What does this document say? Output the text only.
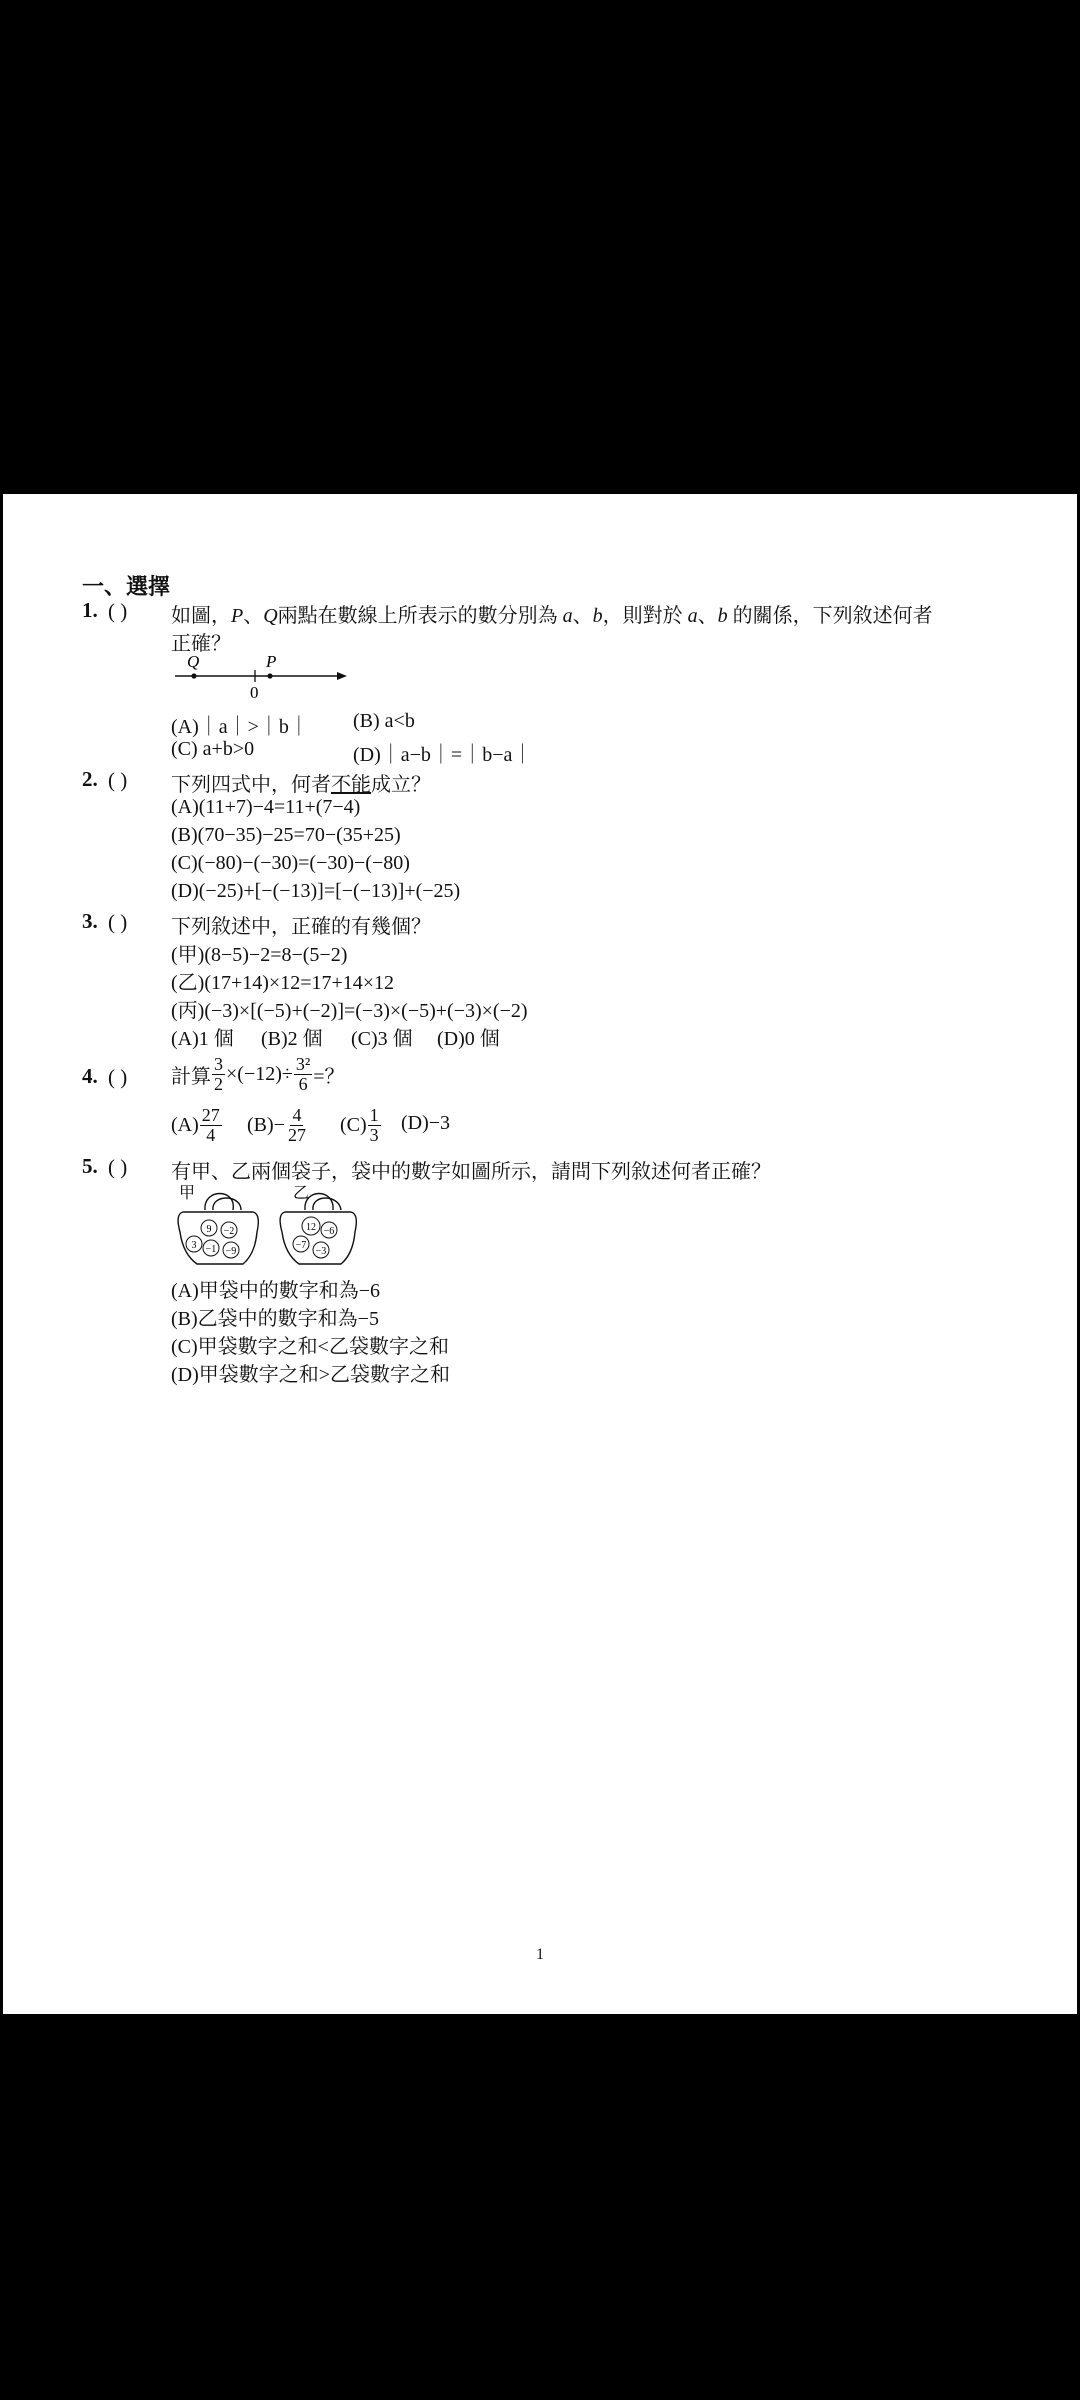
一、選擇
1. ( ) 如圖，P、Q兩點在數線上所表示的數分別為 a、b，則對於 a、b 的關係，下列敘述何者
正確？
Q	P
0
(A)｜a｜>｜b｜ (B) a<b
(C) a+b>0	(D)｜a−b｜=｜b−a｜
2. ( ) 下列四式中，何者不能成立？
(A)(11+7)−4=11+(7−4)
(B)(70−35)−25=70−(35+25)
(C)(−80)−(−30)=(−30)−(−80)
(D)(−25)+[−(−13)]=[−(−13)]+(−25)
3. ( ) 下列敘述中，正確的有幾個？
(甲)(8−5)−2=8−(5−2)
(乙)(17+14)×12=17+14×12
(丙)(−3)×[(−5)+(−2)]=(−3)×(−5)+(−3)×(−2)
(A)1 個 (B)2 個 (C)3 個 (D)0 個
4. ( ) 計算 $\frac{3}{2} \times(-12)\div \frac{\text{3²}}{6}$ =？
$(A) \frac{27}{4} (B)- \frac{4}{27} (C) \frac{1}{3} (D)-3$
5. ( ) 有甲、乙兩個袋子，袋中的數字如圖所示，請問下列敘述何者正確？
甲
9 −2
3 −1 −9
乙
12 −6
−7
−3
(A)甲袋中的數字和為−6
(B)乙袋中的數字和為−5
(C)甲袋數字之和<乙袋數字之和
(D)甲袋數字之和>乙袋數字之和
1
